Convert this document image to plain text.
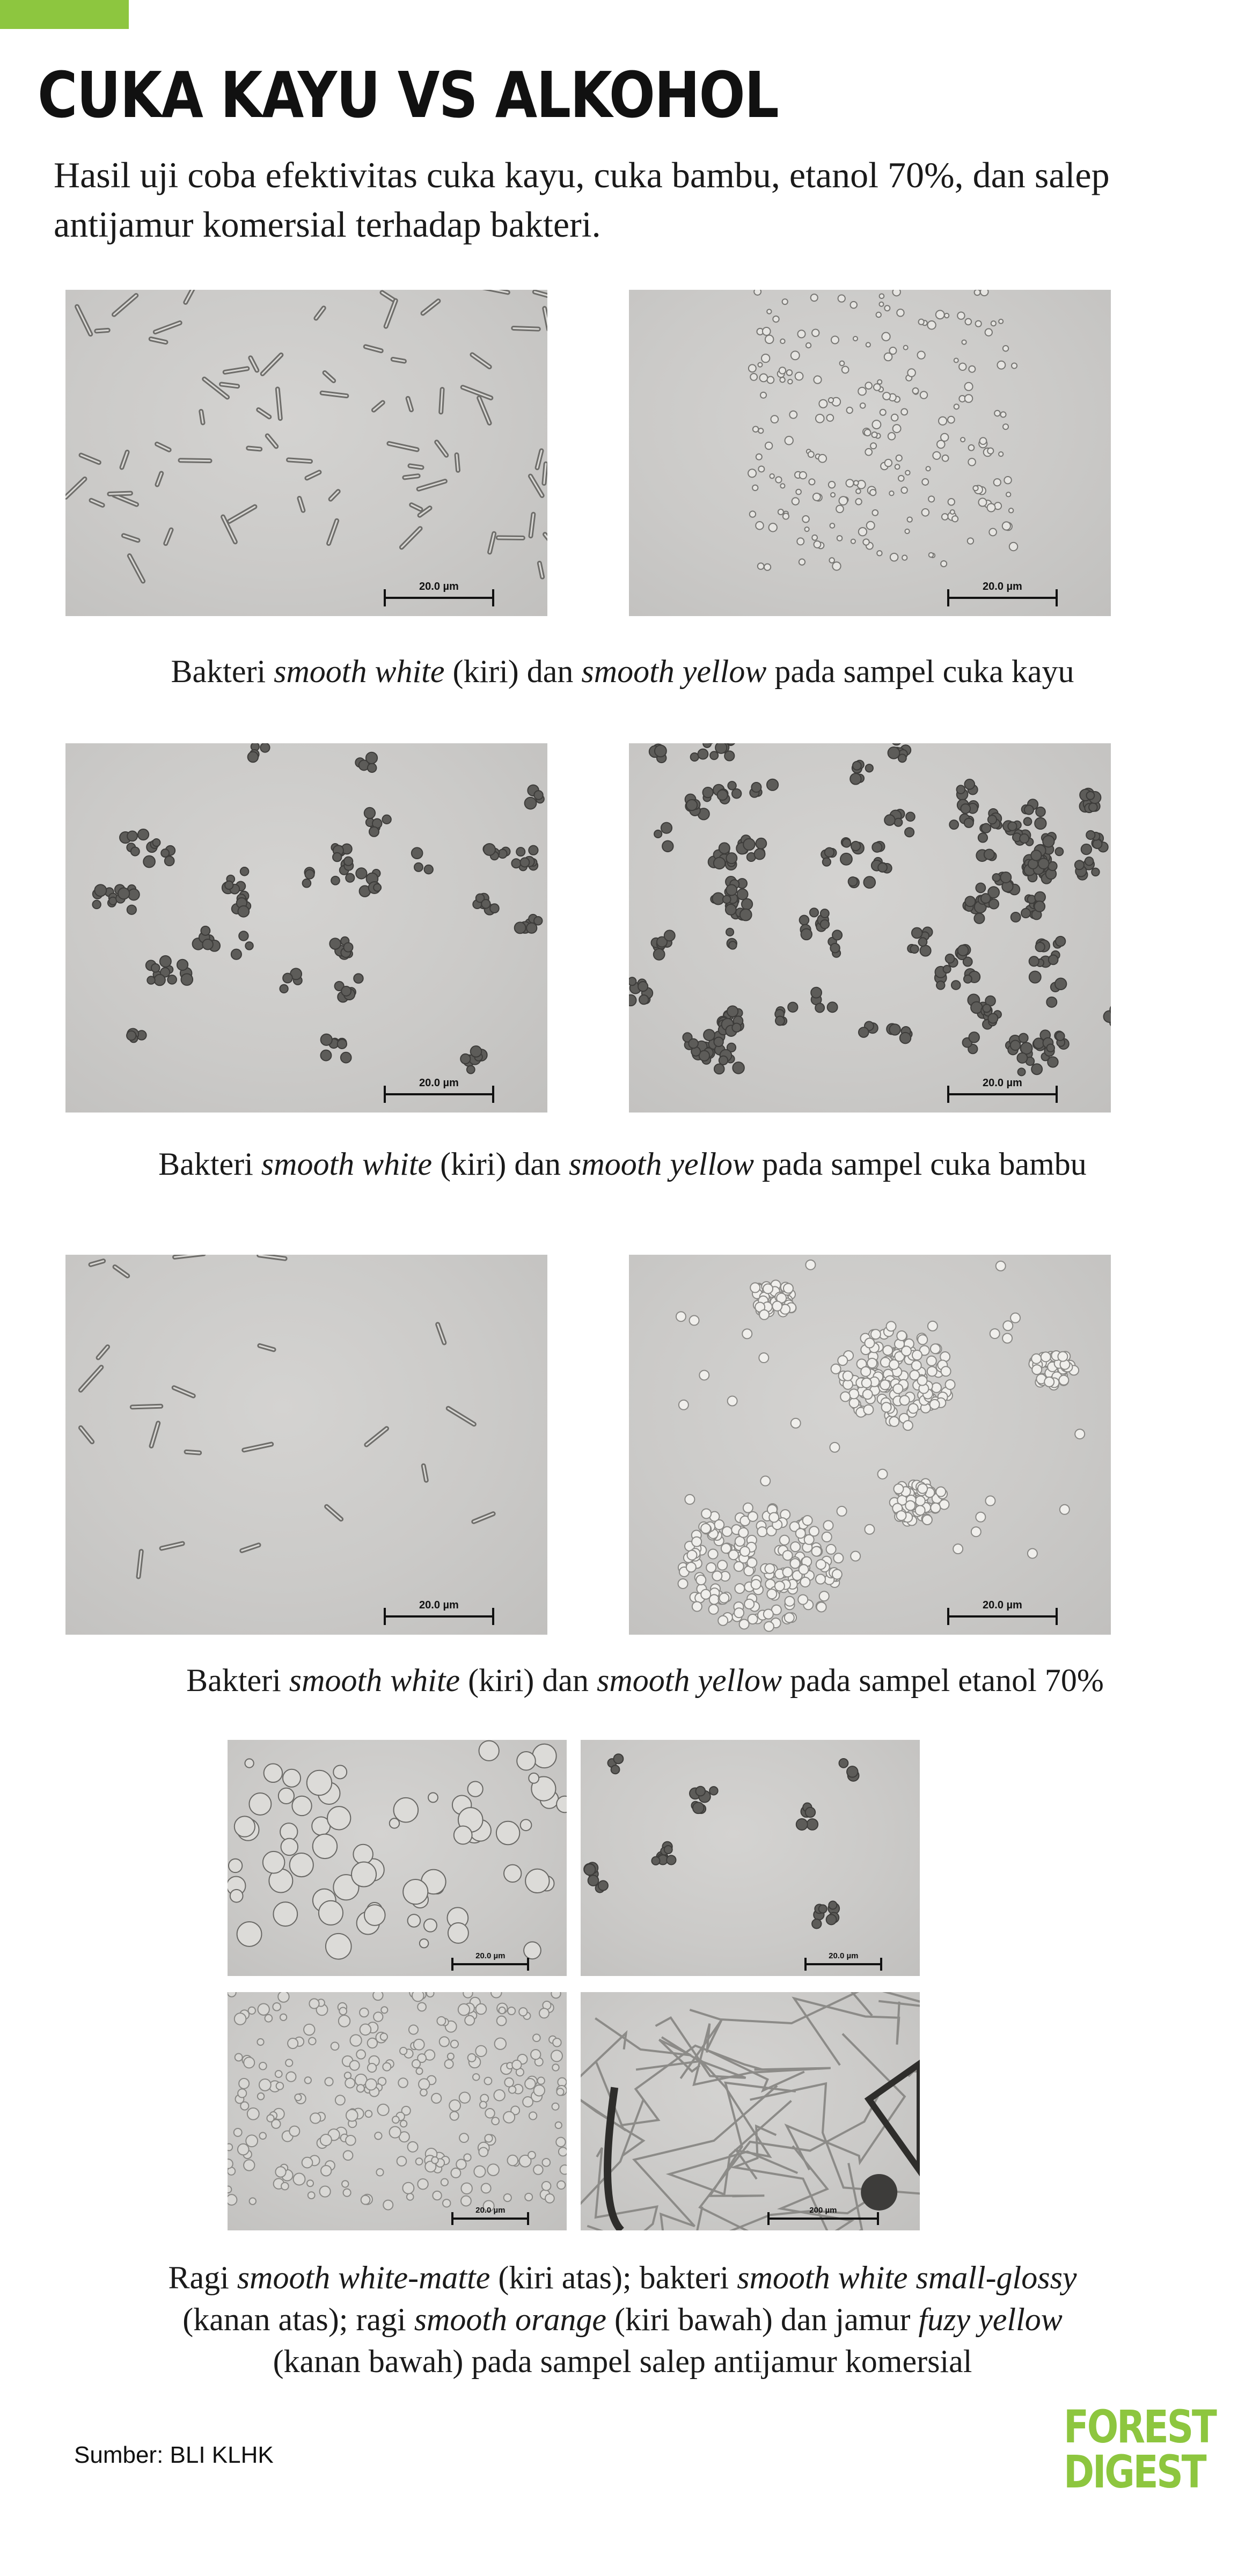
CUKA KAYU VS ALKOHOL

Hasil uji coba efektivitas cuka kayu, cuka bambu, etanol 70%, dan salep antijamur komersial terhadap bakteri.

20.0 µm	20.0 µm

Bakteri smooth white (kiri) dan smooth yellow pada sampel cuka kayu

20.0 µm	20.0 µm

Bakteri smooth white (kiri) dan smooth yellow pada sampel cuka bambu

20.0 µm	20.0 µm

Bakteri smooth white (kiri) dan smooth yellow pada sampel etanol 70%

20.0 µm	20.0 µm
20.0 µm	200 µm

Ragi smooth white-matte (kiri atas); bakteri smooth white small-glossy
(kanan atas); ragi smooth orange (kiri bawah) dan jamur fuzy yellow
(kanan bawah) pada sampel salep antijamur komersial

Sumber: BLI KLHK

FOREST
DIGEST
